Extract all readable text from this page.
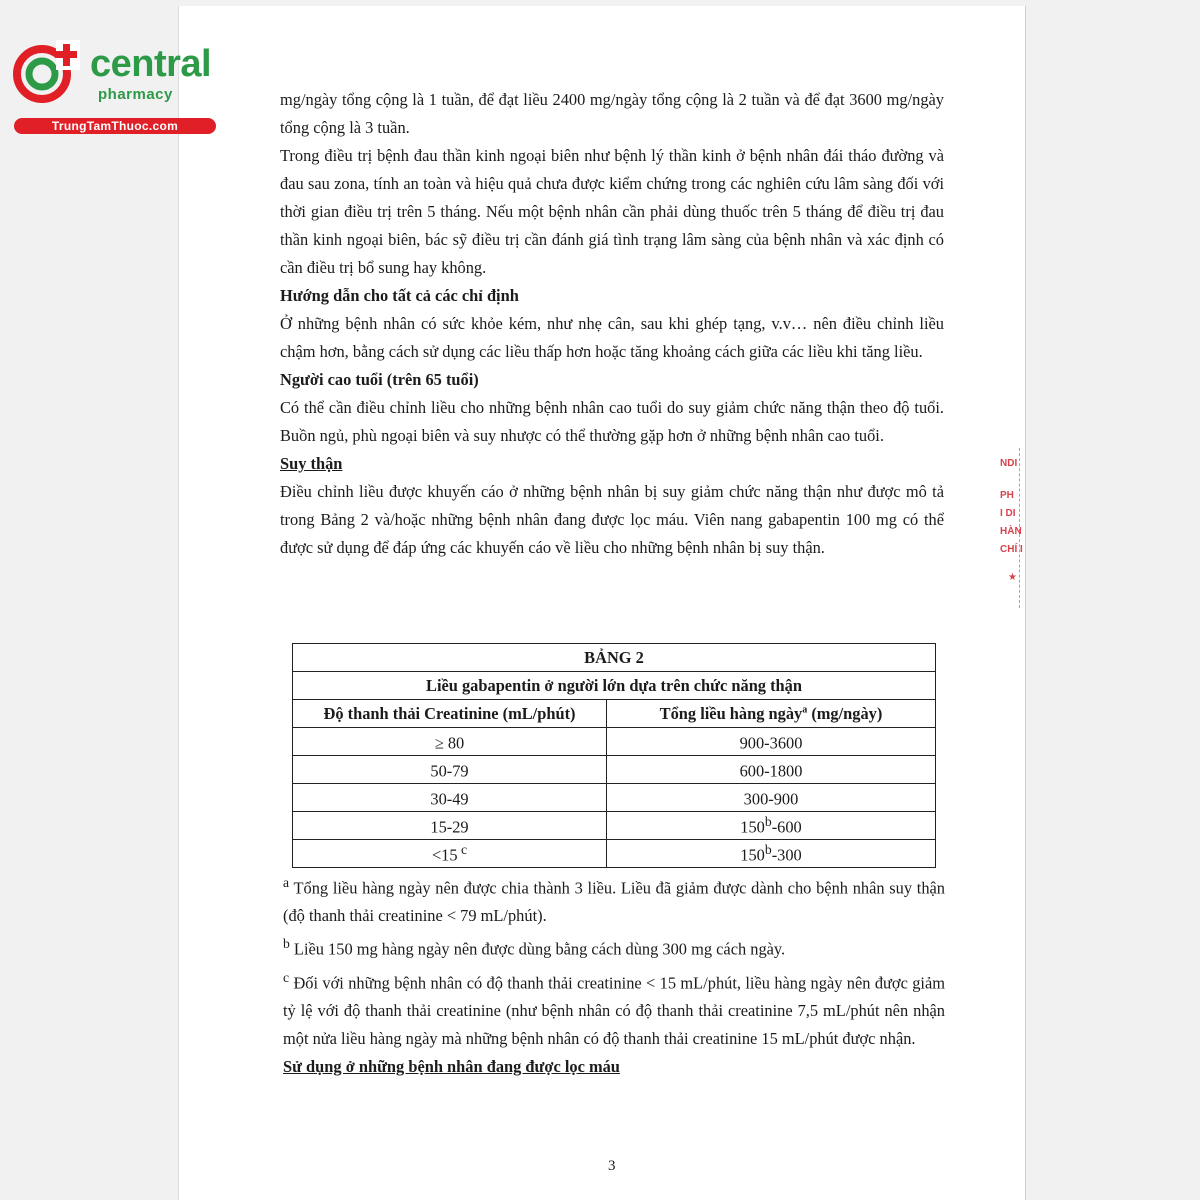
central
pharmacy
TrungTamThuoc.com

mg/ngày tổng cộng là 1 tuần, để đạt liều 2400 mg/ngày tổng cộng là 2 tuần và để đạt 3600 mg/ngày tổng cộng là 3 tuần.

Trong điều trị bệnh đau thần kinh ngoại biên như bệnh lý thần kinh ở bệnh nhân đái tháo đường và đau sau zona, tính an toàn và hiệu quả chưa được kiểm chứng trong các nghiên cứu lâm sàng đối với thời gian điều trị trên 5 tháng. Nếu một bệnh nhân cần phải dùng thuốc trên 5 tháng để điều trị đau thần kinh ngoại biên, bác sỹ điều trị cần đánh giá tình trạng lâm sàng của bệnh nhân và xác định có cần điều trị bổ sung hay không.

Hướng dẫn cho tất cả các chỉ định

Ở những bệnh nhân có sức khỏe kém, như nhẹ cân, sau khi ghép tạng, v.v… nên điều chỉnh liều chậm hơn, bằng cách sử dụng các liều thấp hơn hoặc tăng khoảng cách giữa các liều khi tăng liều.

Người cao tuổi (trên 65 tuổi)

Có thể cần điều chỉnh liều cho những bệnh nhân cao tuổi do suy giảm chức năng thận theo độ tuổi. Buồn ngủ, phù ngoại biên và suy nhược có thể thường gặp hơn ở những bệnh nhân cao tuổi.

Suy thận

Điều chỉnh liều được khuyến cáo ở những bệnh nhân bị suy giảm chức năng thận như được mô tả trong Bảng 2 và/hoặc những bệnh nhân đang được lọc máu. Viên nang gabapentin 100 mg có thể được sử dụng để đáp ứng các khuyến cáo về liều cho những bệnh nhân bị suy thận.

BẢNG 2	
Liều gabapentin ở người lớn dựa trên chức năng thận	
Độ thanh thải Creatinine (mL/phút)	Tổng liều hàng ngày$^a$ (mg/ngày)
≥ 80	900-3600
50-79	600-1800
30-49	300-900
15-29	$150^b-600$
<15 $^c$	150$^b$-300

$^a$ Tổng liều hàng ngày nên được chia thành 3 liều. Liều đã giảm được dành cho bệnh nhân suy thận (độ thanh thải creatinine < 79 mL/phút).

$^b$ Liều 150 mg hàng ngày nên được dùng bằng cách dùng 300 mg cách ngày.

$^c$ Đối với những bệnh nhân có độ thanh thải creatinine < 15 mL/phút, liều hàng ngày nên được giảm tỷ lệ với độ thanh thải creatinine (như bệnh nhân có độ thanh thải creatinine 7,5 mL/phút nên nhận một nửa liều hàng ngày mà những bệnh nhân có độ thanh thải creatinine 15 mL/phút được nhận.

Sử dụng ở những bệnh nhân đang được lọc máu

3
NDI
PH
I DI
HÀN
CHÍ I
★
